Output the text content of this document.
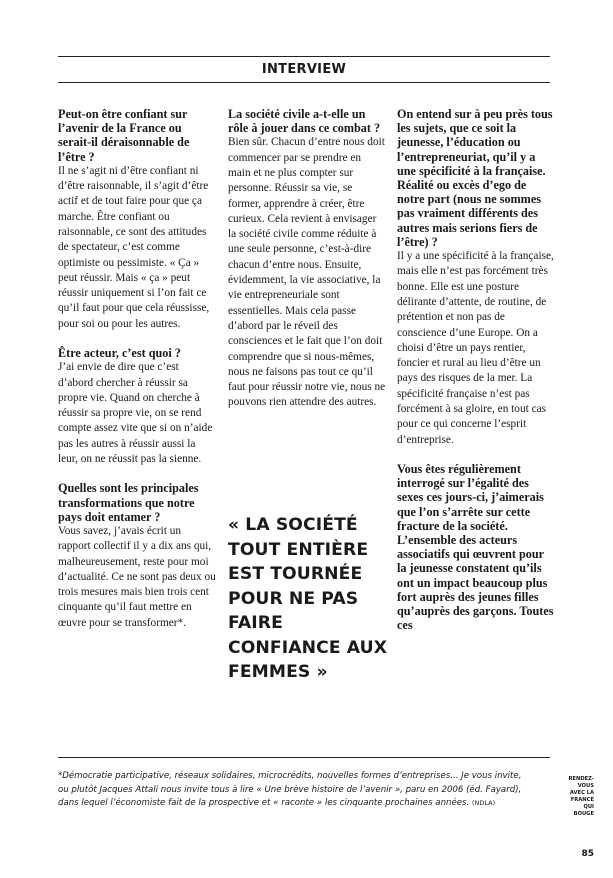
INTERVIEW

Peut-on être confiant sur l’avenir de la France ou serait-il déraisonnable de l’être ?

Il ne s’agit ni d’être confiant ni d’être raisonnable, il s’agit d’être actif et de tout faire pour que ça marche. Être confiant ou raisonnable, ce sont des attitudes de spectateur, c’est comme optimiste ou pessimiste. « Ça » peut réussir. Mais « ça » peut réussir uniquement si l’on fait ce qu’il faut pour que cela réussisse, pour soi ou pour les autres.

Être acteur, c’est quoi ?

J’ai envie de dire que c’est d’abord chercher à réussir sa propre vie. Quand on cherche à réussir sa propre vie, on se rend compte assez vite que si on n’aide pas les autres à réussir aussi la leur, on ne réussit pas la sienne.

Quelles sont les principales transformations que notre pays doit entamer ?

Vous savez, j’avais écrit un rapport collectif il y a dix ans qui, malheureusement, reste pour moi d’actualité. Ce ne sont pas deux ou trois mesures mais bien trois cent cinquante qu’il faut mettre en œuvre pour se transformer*.

La société civile a-t-elle un rôle à jouer dans ce combat ?

Bien sûr. Chacun d’entre nous doit commencer par se prendre en main et ne plus compter sur personne. Réussir sa vie, se former, apprendre à créer, être curieux. Cela revient à envisager la société civile comme réduite à une seule personne, c’est-à-dire chacun d’entre nous. Ensuite, évidemment, la vie associative, la vie entrepreneuriale sont essentielles. Mais cela passe d’abord par le réveil des consciences et le fait que l’on doit comprendre que si nous-mêmes, nous ne faisons pas tout ce qu’il faut pour réussir notre vie, nous ne pouvons rien attendre des autres.

« LA SOCIÉTÉ TOUT ENTIÈRE EST TOURNÉE POUR NE PAS FAIRE CONFIANCE AUX FEMMES »

On entend sur à peu près tous les sujets, que ce soit la jeunesse, l’éducation ou l’entrepreneuriat, qu’il y a une spécificité à la française. Réalité ou excès d’ego de notre part (nous ne sommes pas vraiment différents des autres mais serions fiers de l’être) ?

Il y a une spécificité à la française, mais elle n’est pas forcément très bonne. Elle est une posture délirante d’attente, de routine, de prétention et non pas de conscience d’une Europe. On a choisi d’être un pays rentier, foncier et rural au lieu d’être un pays des risques de la mer. La spécificité française n’est pas forcément à sa gloire, en tout cas pour ce qui concerne l’esprit d’entreprise.

Vous êtes régulièrement interrogé sur l’égalité des sexes ces jours-ci, j’aimerais que l’on s’arrête sur cette fracture de la société. L’ensemble des acteurs associatifs qui œuvrent pour la jeunesse constatent qu’ils ont un impact beaucoup plus fort auprès des jeunes filles qu’auprès des garçons. Toutes ces

*Démocratie participative, réseaux solidaires, microcrédits, nouvelles formes d’entreprises... Je vous invite, ou plutôt Jacques Attali nous invite tous à lire « Une brève histoire de l’avenir », paru en 2006 (éd. Fayard), dans lequel l’économiste fait de la prospective et « raconte » les cinquante prochaines années. (NDLA)
RENDEZ-
VOUS
AVEC LA
FRANCE
QUI
BOUGE
85
